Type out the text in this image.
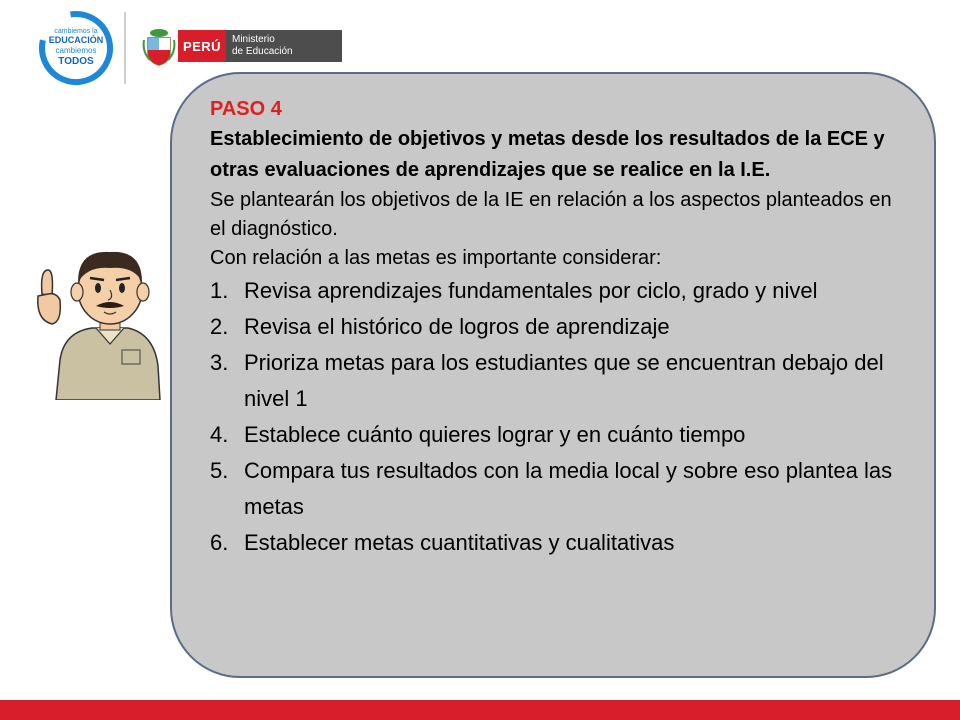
cambiemos la
EDUCACIÓN
cambiemos
TODOS
PERÚ	Ministerio
de Educación
PASO 4
Establecimiento de objetivos y metas desde los resultados de la ECE y otras evaluaciones de aprendizajes que se realice en la I.E.
Se plantearán los objetivos de la IE en relación a los aspectos planteados en el diagnóstico.
Con relación a las metas es importante considerar:
1. Revisa aprendizajes fundamentales por ciclo, grado y nivel
2. Revisa el histórico de logros de aprendizaje
3. Prioriza metas para los estudiantes que se encuentran debajo del nivel 1
4. Establece cuánto quieres lograr y en cuánto tiempo
5. Compara tus resultados con la media local y sobre eso plantea las metas
6. Establecer metas cuantitativas y cualitativas
